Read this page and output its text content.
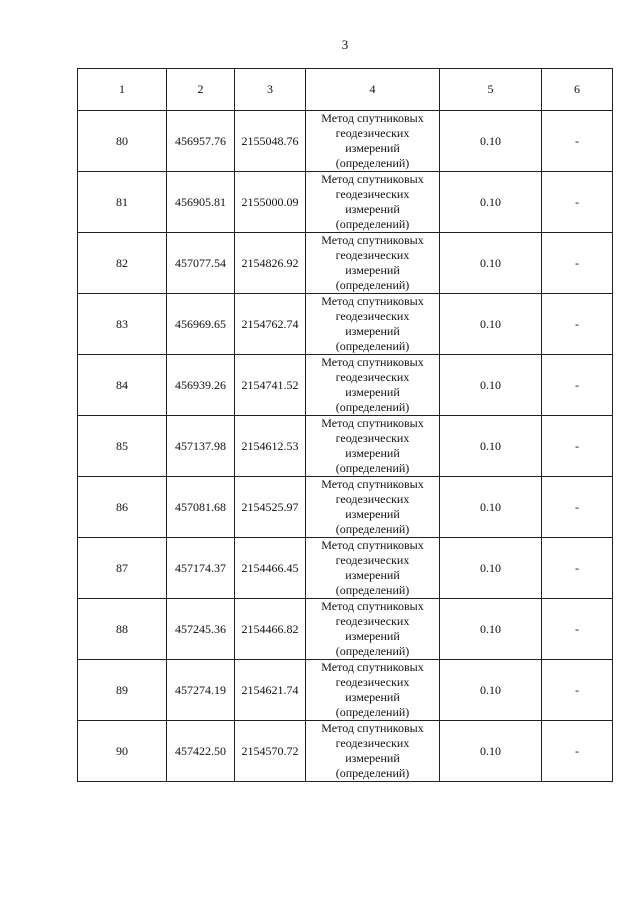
3
1	2	3	4	5	6
80	456957.76	2155048.76	Метод спутниковых геодезических измерений (определений)	0.10	-
81	456905.81	2155000.09	Метод спутниковых геодезических измерений (определений)	0.10	-
82	457077.54	2154826.92	Метод спутниковых геодезических измерений (определений)	0.10	-
83	456969.65	2154762.74	Метод спутниковых геодезических измерений (определений)	0.10	-
84	456939.26	2154741.52	Метод спутниковых геодезических измерений (определений)	0.10	-
85	457137.98	2154612.53	Метод спутниковых геодезических измерений (определений)	0.10	-
86	457081.68	2154525.97	Метод спутниковых геодезических измерений (определений)	0.10	-
87	457174.37	2154466.45	Метод спутниковых геодезических измерений (определений)	0.10	-
88	457245.36	2154466.82	Метод спутниковых геодезических измерений (определений)	0.10	-
89	457274.19	2154621.74	Метод спутниковых геодезических измерений (определений)	0.10	-
90	457422.50	2154570.72	Метод спутниковых геодезических измерений (определений)	0.10	-
